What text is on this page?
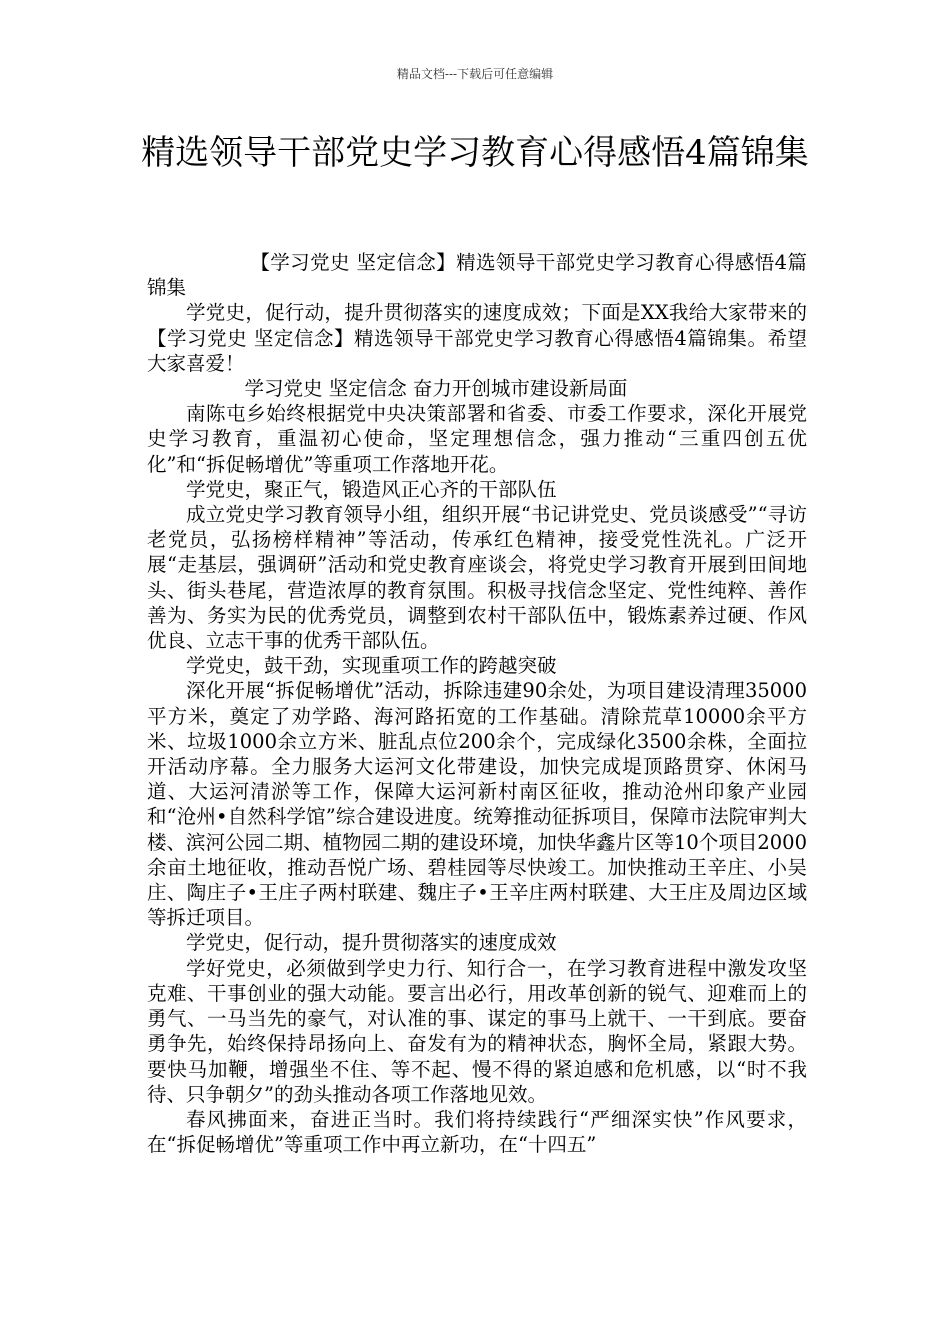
精品文档---下载后可任意编辑
精选领导干部党史学习教育心得感悟4篇锦集

【学习党史 坚定信念】精选领导干部党史学习教育心得感悟4篇锦集

学党史，促行动，提升贯彻落实的速度成效；下面是XX我给大家带来的【学习党史 坚定信念】精选领导干部党史学习教育心得感悟4篇锦集。希望大家喜爱！

学习党史 坚定信念 奋力开创城市建设新局面

南陈屯乡始终根据党中央决策部署和省委、市委工作要求，深化开展党史学习教育，重温初心使命，坚定理想信念，强力推动“三重四创五优化”和“拆促畅增优”等重项工作落地开花。

学党史，聚正气，锻造风正心齐的干部队伍

成立党史学习教育领导小组，组织开展“书记讲党史、党员谈感受”“寻访老党员，弘扬榜样精神”等活动，传承红色精神，接受党性洗礼。广泛开展“走基层，强调研”活动和党史教育座谈会，将党史学习教育开展到田间地头、街头巷尾，营造浓厚的教育氛围。积极寻找信念坚定、党性纯粹、善作善为、务实为民的优秀党员，调整到农村干部队伍中，锻炼素养过硬、作风优良、立志干事的优秀干部队伍。

学党史，鼓干劲，实现重项工作的跨越突破

深化开展“拆促畅增优”活动，拆除违建90余处，为项目建设清理35000平方米，奠定了劝学路、海河路拓宽的工作基础。清除荒草10000余平方米、垃圾1000余立方米、脏乱点位200余个，完成绿化3500余株，全面拉开活动序幕。全力服务大运河文化带建设，加快完成堤顶路贯穿、休闲马道、大运河清淤等工作，保障大运河新村南区征收，推动沧州印象产业园和“沧州•自然科学馆”综合建设进度。统筹推动征拆项目，保障市法院审判大楼、滨河公园二期、植物园二期的建设环境，加快华鑫片区等10个项目2000余亩土地征收，推动吾悦广场、碧桂园等尽快竣工。加快推动王辛庄、小吴庄、陶庄子•王庄子两村联建、魏庄子•王辛庄两村联建、大王庄及周边区域等拆迁项目。

学党史，促行动，提升贯彻落实的速度成效

学好党史，必须做到学史力行、知行合一，在学习教育进程中激发攻坚克难、干事创业的强大动能。要言出必行，用改革创新的锐气、迎难而上的勇气、一马当先的豪气，对认准的事、谋定的事马上就干、一干到底。要奋勇争先，始终保持昂扬向上、奋发有为的精神状态，胸怀全局，紧跟大势。要快马加鞭，增强坐不住、等不起、慢不得的紧迫感和危机感，以“时不我待、只争朝夕”的劲头推动各项工作落地见效。

春风拂面来，奋进正当时。我们将持续践行“严细深实快”作风要求，在“拆促畅增优”等重项工作中再立新功，在“十四五”
